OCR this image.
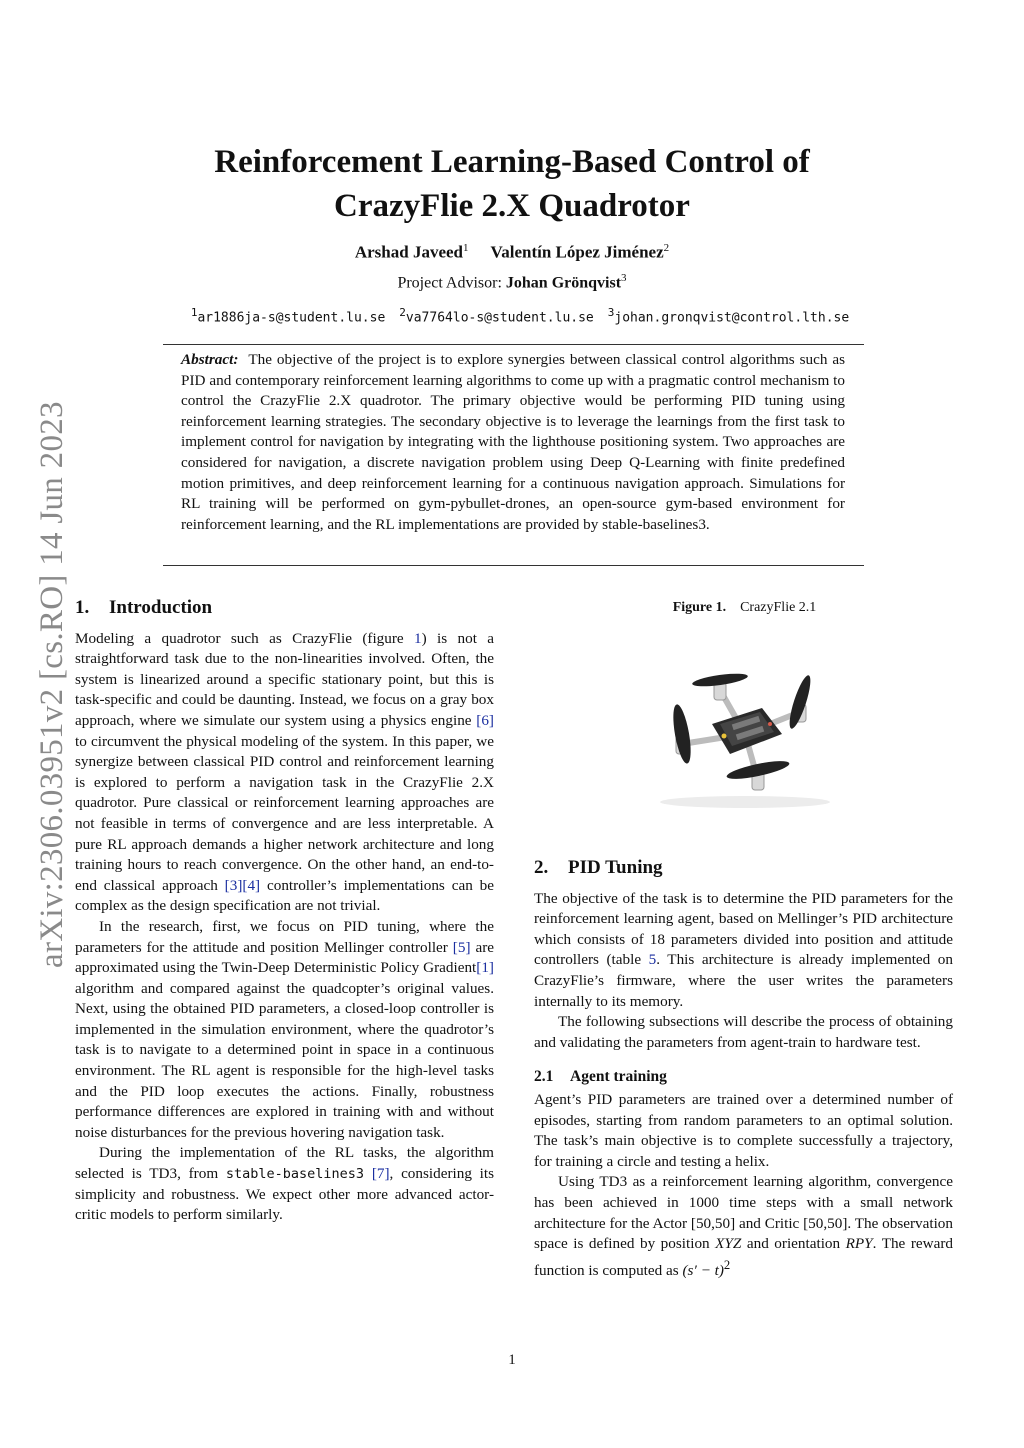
arXiv:2306.03951v2 [cs.RO] 14 Jun 2023
Reinforcement Learning-Based Control of
CrazyFlie 2.X Quadrotor
Arshad Javeed$^1$ Valentín López Jiménez$^2$
Project Advisor: Johan Grönqvist$^3$
$^1$ar1886ja-s@student.lu.se $^2$va7764lo-s@student.lu.se $^3$johan.gronqvist@control.lth.se
Abstract: The objective of the project is to explore synergies between classical control algorithms such as PID and contemporary reinforcement learning algorithms to come up with a pragmatic control mechanism to control the CrazyFlie 2.X quadrotor. The primary objective would be performing PID tuning using reinforcement learning strategies. The secondary objective is to leverage the learnings from the first task to implement control for navigation by integrating with the lighthouse positioning system. Two approaches are considered for navigation, a discrete navigation problem using Deep Q-Learning with finite predefined motion primitives, and deep reinforcement learning for a continuous navigation approach. Simulations for RL training will be performed on gym-pybullet-drones, an open-source gym-based environment for reinforcement learning, and the RL implementations are provided by stable-baselines3.
1. Introduction

Modeling a quadrotor such as CrazyFlie (figure 1) is not a straightforward task due to the non-linearities involved. Often, the system is linearized around a specific stationary point, but this is task-specific and could be daunting. Instead, we focus on a gray box approach, where we simulate our system using a physics engine [6] to circumvent the physical modeling of the system. In this paper, we synergize between classical PID control and reinforcement learning is explored to perform a navigation task in the CrazyFlie 2.X quadrotor. Pure classical or reinforcement learning approaches are not feasible in terms of convergence and are less interpretable. A pure RL approach demands a higher network architecture and long training hours to reach convergence. On the other hand, an end-to-end classical approach [3][4] controller’s implementations can be complex as the design specification are not trivial.

In the research, first, we focus on PID tuning, where the parameters for the attitude and position Mellinger controller [5] are approximated using the Twin-Deep Deterministic Policy Gradient[1] algorithm and compared against the quadcopter’s original values. Next, using the obtained PID parameters, a closed-loop controller is implemented in the simulation environment, where the quadrotor’s task is to navigate to a determined point in space in a continuous environment. The RL agent is responsible for the high-level tasks and the PID loop executes the actions. Finally, robustness performance differences are explored in training with and without noise disturbances for the previous hovering navigation task.

During the implementation of the RL tasks, the algorithm selected is TD3, from stable-baselines3 [7], considering its simplicity and robustness. We expect other more advanced actor-critic models to perform similarly.

Figure 1. CrazyFlie 2.1
2. PID Tuning

The objective of the task is to determine the PID parameters for the reinforcement learning agent, based on Mellinger’s PID architecture which consists of 18 parameters divided into position and attitude controllers (table 5. This architecture is already implemented on CrazyFlie’s firmware, where the user writes the parameters internally to its memory.

The following subsections will describe the process of obtaining and validating the parameters from agent-train to hardware test.

2.1 Agent training

Agent’s PID parameters are trained over a determined number of episodes, starting from random parameters to an optimal solution. The task’s main objective is to complete successfully a trajectory, for training a circle and testing a helix.

Using TD3 as a reinforcement learning algorithm, convergence has been achieved in 1000 time steps with a small network architecture for the Actor [50,50] and Critic [50,50]. The observation space is defined by position XYZ and orientation RPY. The reward function is computed as $(s' - t)^2$

1
